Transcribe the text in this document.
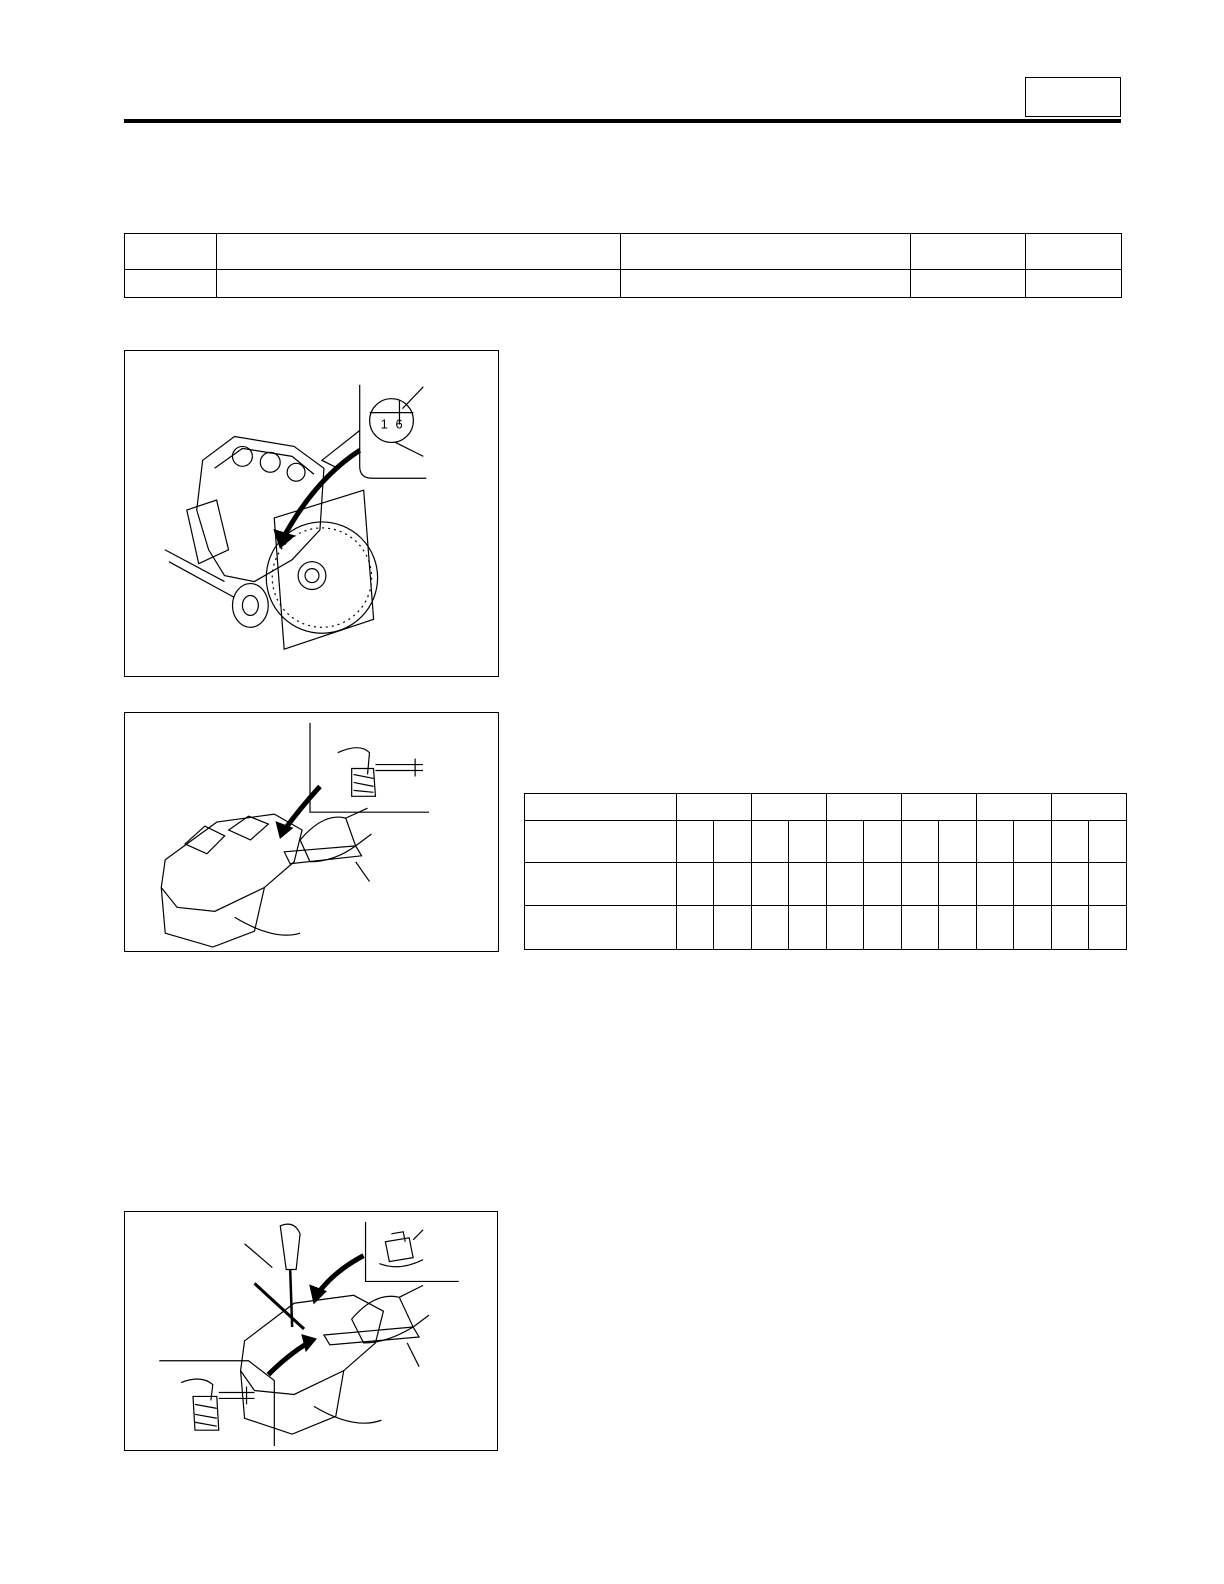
1 6
